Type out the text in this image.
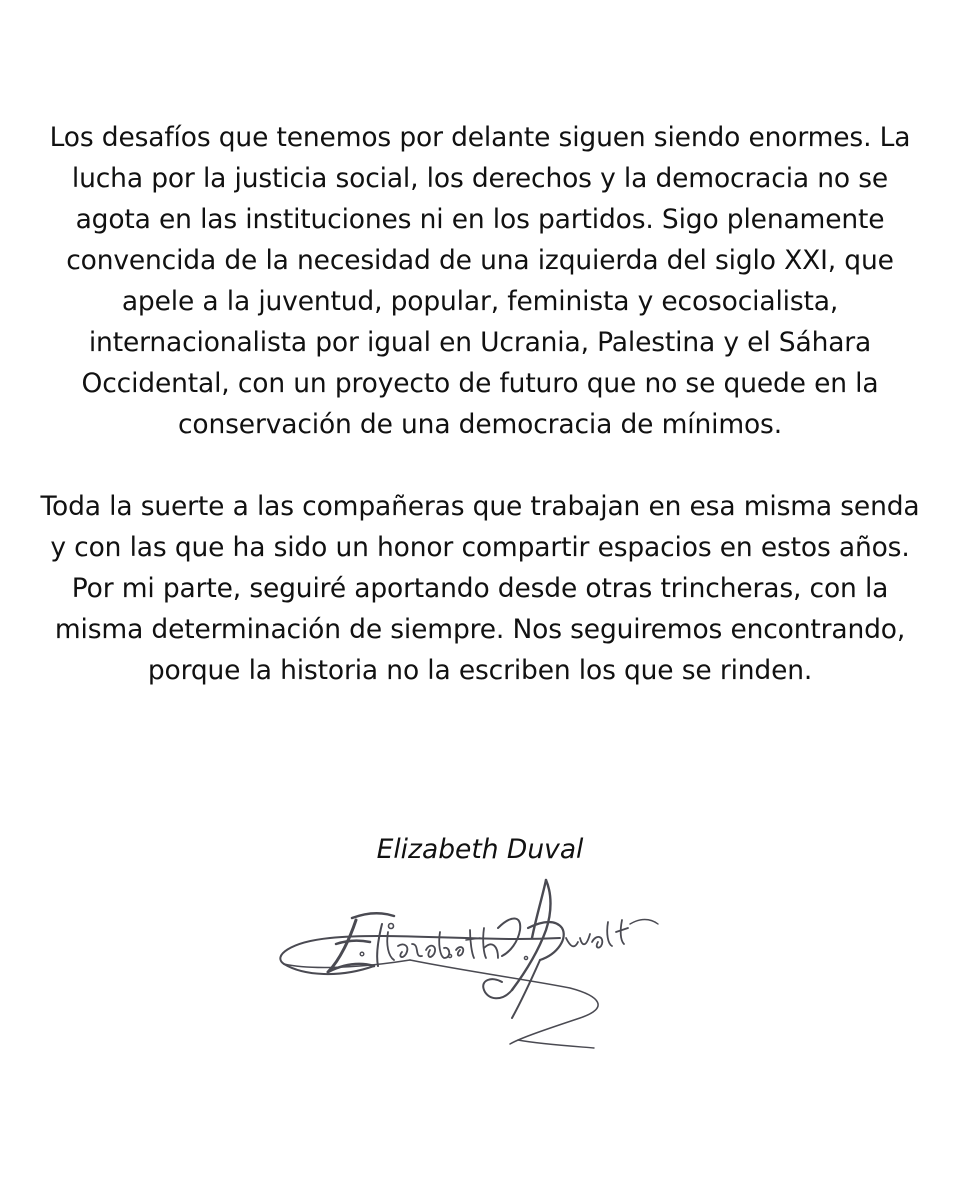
Los desafíos que tenemos por delante siguen siendo enormes. La lucha por la justicia social, los derechos y la democracia no se agota en las instituciones ni en los partidos. Sigo plenamente convencida de la necesidad de una izquierda del siglo XXI, que apele a la juventud, popular, feminista y ecosocialista, internacionalista por igual en Ucrania, Palestina y el Sáhara Occidental, con un proyecto de futuro que no se quede en la conservación de una democracia de mínimos.

Toda la suerte a las compañeras que trabajan en esa misma senda y con las que ha sido un honor compartir espacios en estos años. Por mi parte, seguiré aportando desde otras trincheras, con la misma determinación de siempre. Nos seguiremos encontrando, porque la historia no la escriben los que se rinden.

Elizabeth Duval
